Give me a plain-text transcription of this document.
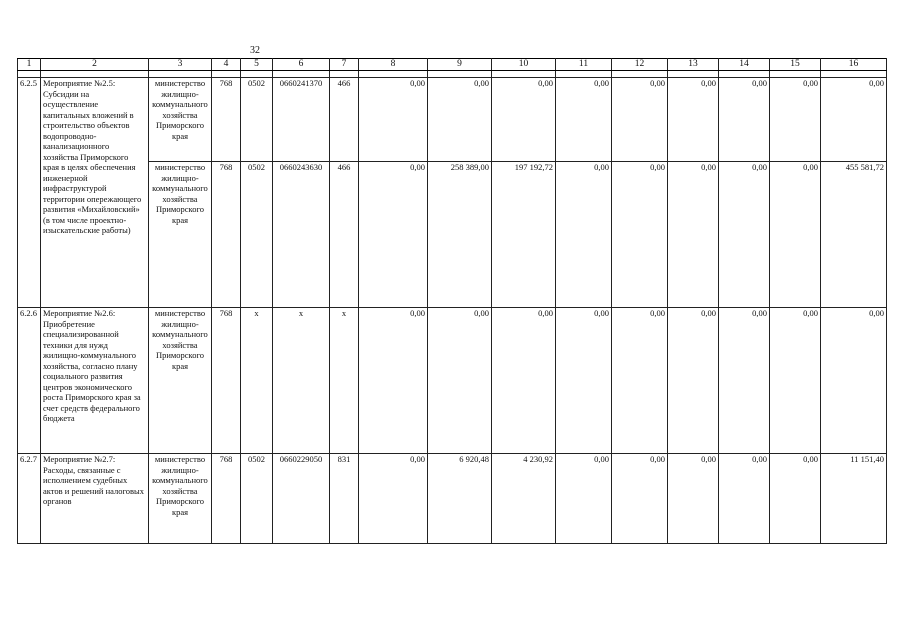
32
1	2	3	4	5	6	7	8	9	10	11	12	13	14	15	16

6.2.5	Мероприятие №2.5: Субсидии на осуществление капитальных вложений в строительство объектов водопроводно-канализационного хозяйства Приморского края в целях обеспечения инженерной инфраструктурой территории опережающего развития «Михайловский» (в том числе проектно-изыскательские работы)	министерство жилищно-коммунального хозяйства Приморского края	768	0502	0660241370	466	0,00	0,00	0,00	0,00	0,00	0,00	0,00	0,00	0,00
		министерство жилищно-коммунального хозяйства Приморского края	768	0502	0660243630	466	0,00	258 389,00	197 192,72	0,00	0,00	0,00	0,00	0,00	455 581,72
6.2.6	Мероприятие №2.6: Приобретение специализированной техники для нужд жилищно-коммунального хозяйства, согласно плану социального развития центров экономического роста Приморского края за счет средств федерального бюджета	министерство жилищно-коммунального хозяйства Приморского края	768	x	x	x	0,00	0,00	0,00	0,00	0,00	0,00	0,00	0,00	0,00
6.2.7	Мероприятие №2.7: Расходы, связанные с исполнением судебных актов и решений налоговых органов	министерство жилищно-коммунального хозяйства Приморского края	768	0502	0660229050	831	0,00	6 920,48	4 230,92	0,00	0,00	0,00	0,00	0,00	11 151,40
